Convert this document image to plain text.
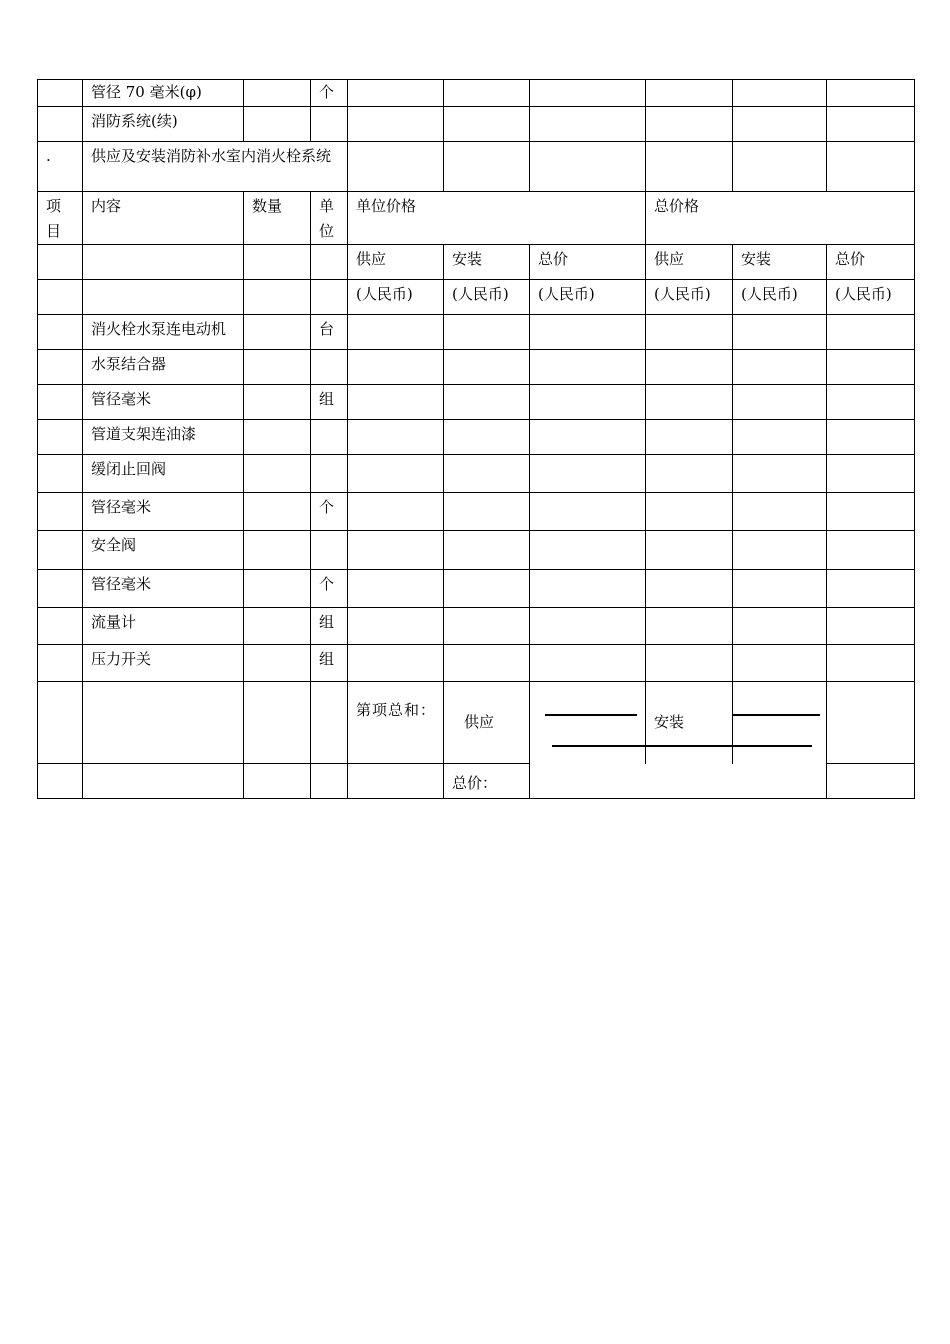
	管径 70 毫米(φ)		个						
	消防系统(续)								
.	供应及安装消防补水室内消火栓系统								
项目	内容	数量	单位	单位价格			总价格		
				供应	安装	总价	供应	安装	总价
				(人民币)	(人民币)	(人民币)	(人民币)	(人民币)	(人民币)
	消火栓水泵连电动机		台						
	水泵结合器								
	管径毫米		组						
	管道支架连油漆								
	缓闭止回阀								
	管径毫米		个						
	安全阀								
	管径毫米		个						
	流量计		组						
	压力开关		组						

				第项总和：	供应		安装

					总价：				
